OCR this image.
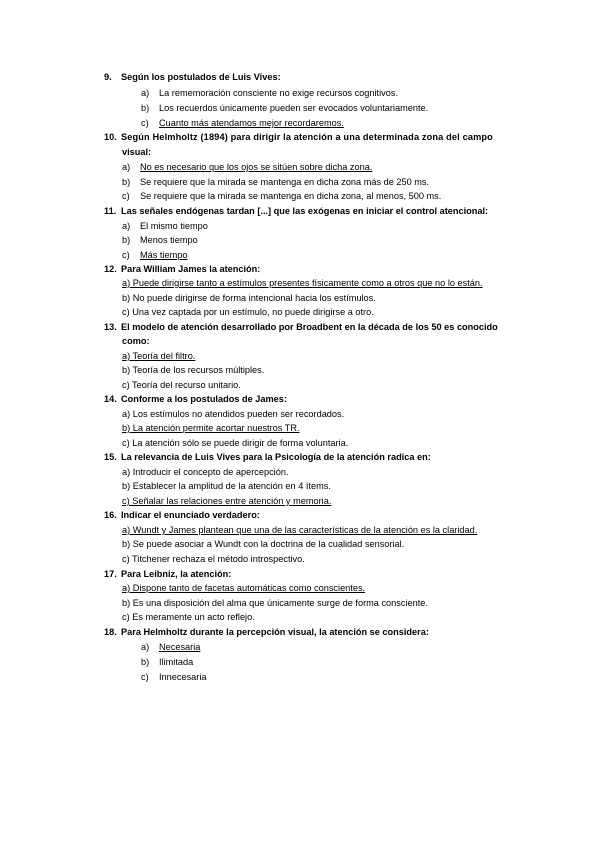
9. Según los postulados de Luis Vives:
a) La rememoración consciente no exige recursos cognitivos.
b) Los recuerdos únicamente pueden ser evocados voluntariamente.
c) Cuanto más atendamos mejor recordaremos.
10. Según Helmholtz (1894) para dirigir la atención a una determinada zona del campo
visual:
a) No es necesario que los ojos se sitúen sobre dicha zona.
b) Se requiere que la mirada se mantenga en dicha zona más de 250 ms.
c) Se requiere que la mirada se mantenga en dicha zona, al menos, 500 ms.
11. Las señales endógenas tardan [...] que las exógenas en iniciar el control atencional:
a) El mismo tiempo
b) Menos tiempo
c) Más tiempo
12. Para William James la atención:
a) Puede dirigirse tanto a estímulos presentes físicamente como a otros que no lo están.
b) No puede dirigirse de forma intencional hacia los estímulos.
c) Una vez captada por un estímulo, no puede dirigirse a otro.
13. El modelo de atención desarrollado por Broadbent en la década de los 50 es conocido
como:
a) Teoría del filtro.
b) Teoría de los recursos múltiples.
c) Teoría del recurso unitario.
14. Conforme a los postulados de James:
a) Los estímulos no atendidos pueden ser recordados.
b) La atención permite acortar nuestros TR.
c) La atención sólo se puede dirigir de forma voluntaria.
15. La relevancia de Luis Vives para la Psicología de la atención radica en:
a) Introducir el concepto de apercepción.
b) Establecer la amplitud de la atención en 4 ítems.
c) Señalar las relaciones entre atención y memoria.
16. Indicar el enunciado verdadero:
a) Wundt y James plantean que una de las características de la atención es la claridad.
b) Se puede asociar a Wundt con la doctrina de la cualidad sensorial.
c) Titchener rechaza el método introspectivo.
17. Para Leibniz, la atención:
a) Dispone tanto de facetas automáticas como conscientes.
b) Es una disposición del alma que únicamente surge de forma consciente.
c) Es meramente un acto reflejo.
18. Para Helmholtz durante la percepción visual, la atención se considera:
a) Necesaria
b) Ilimitada
c) Innecesaria
